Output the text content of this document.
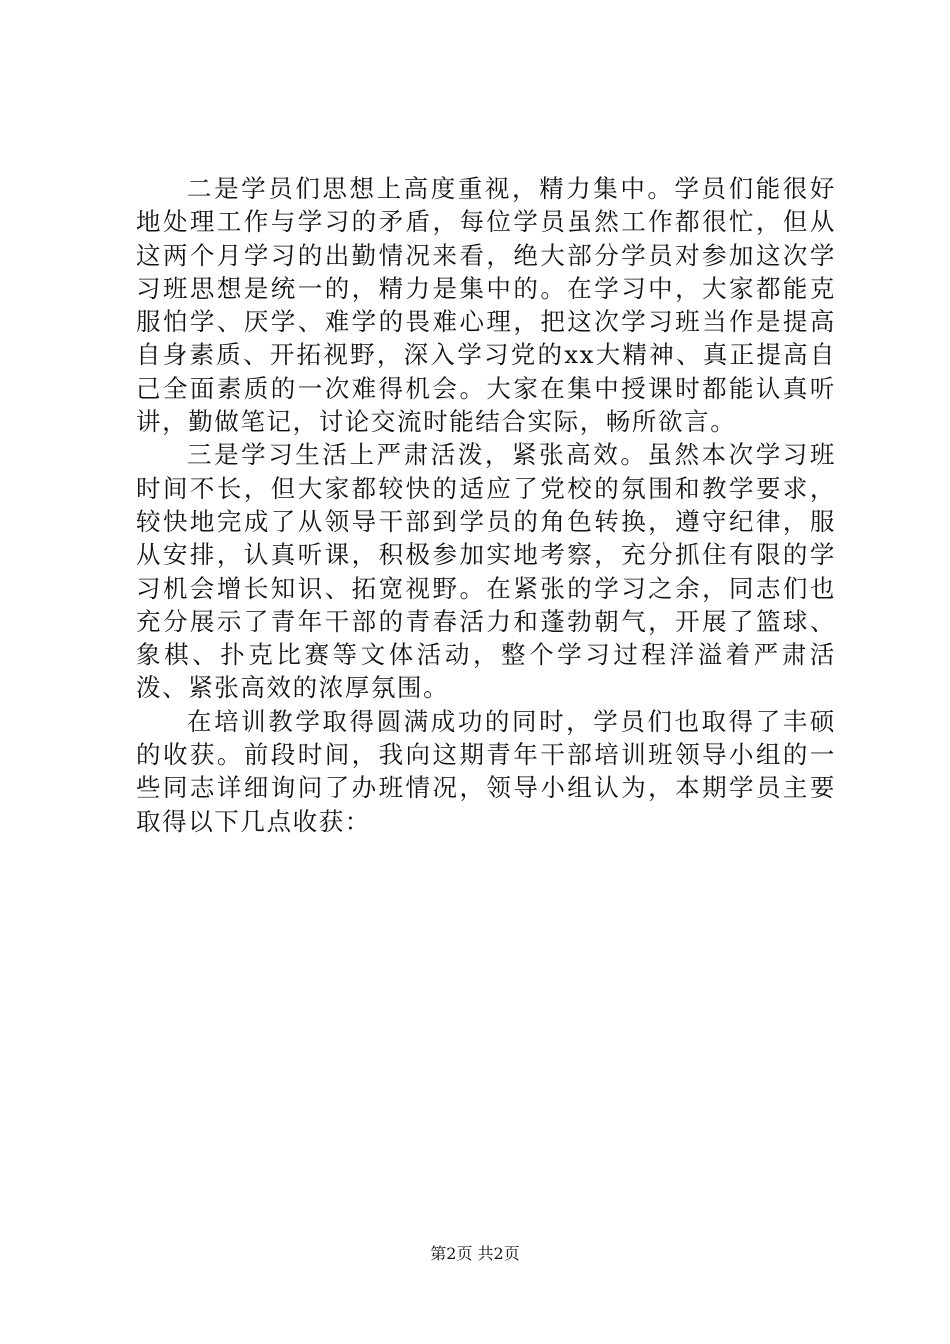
二是学员们思想上高度重视，精力集中。学员们能很好地处理工作与学习的矛盾，每位学员虽然工作都很忙，但从这两个月学习的出勤情况来看，绝大部分学员对参加这次学习班思想是统一的，精力是集中的。在学习中，大家都能克服怕学、厌学、难学的畏难心理，把这次学习班当作是提高自身素质、开拓视野，深入学习党的xx大精神、真正提高自己全面素质的一次难得机会。大家在集中授课时都能认真听讲，勤做笔记，讨论交流时能结合实际，畅所欲言。

三是学习生活上严肃活泼，紧张高效。虽然本次学习班时间不长，但大家都较快的适应了党校的氛围和教学要求，较快地完成了从领导干部到学员的角色转换，遵守纪律，服从安排，认真听课，积极参加实地考察，充分抓住有限的学习机会增长知识、拓宽视野。在紧张的学习之余，同志们也充分展示了青年干部的青春活力和蓬勃朝气，开展了篮球、象棋、扑克比赛等文体活动，整个学习过程洋溢着严肃活泼、紧张高效的浓厚氛围。

在培训教学取得圆满成功的同时，学员们也取得了丰硕的收获。前段时间，我向这期青年干部培训班领导小组的一些同志详细询问了办班情况，领导小组认为，本期学员主要取得以下几点收获：

第2页 共2页
